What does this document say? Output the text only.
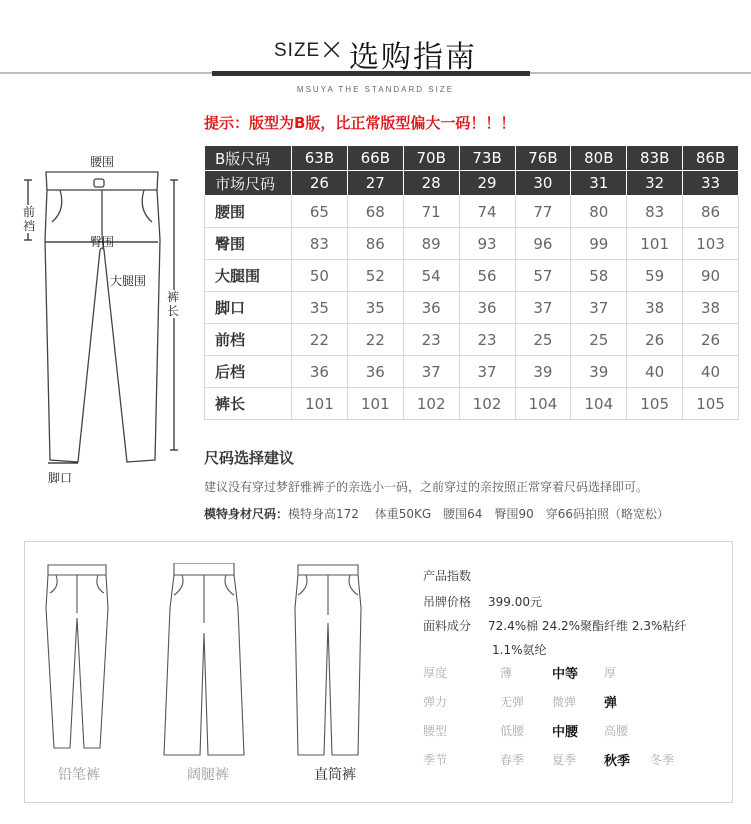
SIZE
× 选购指南
MSUYA THE STANDARD SIZE
提示：版型为B版，比正常版型偏大一码！！！
腰围
臀围
大腿围
脚口
前裆
裤长
B版尺码	63B	66B	70B	73B	76B	80B	83B	86B
市场尺码	26	27	28	29	30	31	32	33
腰围	65	68	71	74	77	80	83	86
臀围	83	86	89	93	96	99	101	103
大腿围	50	52	54	56	57	58	59	90
脚口	35	35	36	36	37	37	38	38
前档	22	22	23	23	25	25	26	26
后档	36	36	37	37	39	39	40	40
裤长	101	101	102	102	104	104	105	105
尺码选择建议
建议没有穿过梦舒雅裤子的亲选小一码，之前穿过的亲按照正常穿着尺码选择即可。
模特身材尺码：模特身高172　 体重50KG　腰围64　臀围90　穿66码拍照（略宽松）
铅笔裤	阔腿裤	直筒裤
产品指数
吊牌价格 399.00元
面料成分 72.4%棉 24.2%聚酯纤维 2.3%粘纤
1.1%氨纶
厚度	薄	中等 厚
弹力	无弹 微弹 弹
腰型	低腰 中腰 高腰
季节	春季 夏季 秋季 冬季
